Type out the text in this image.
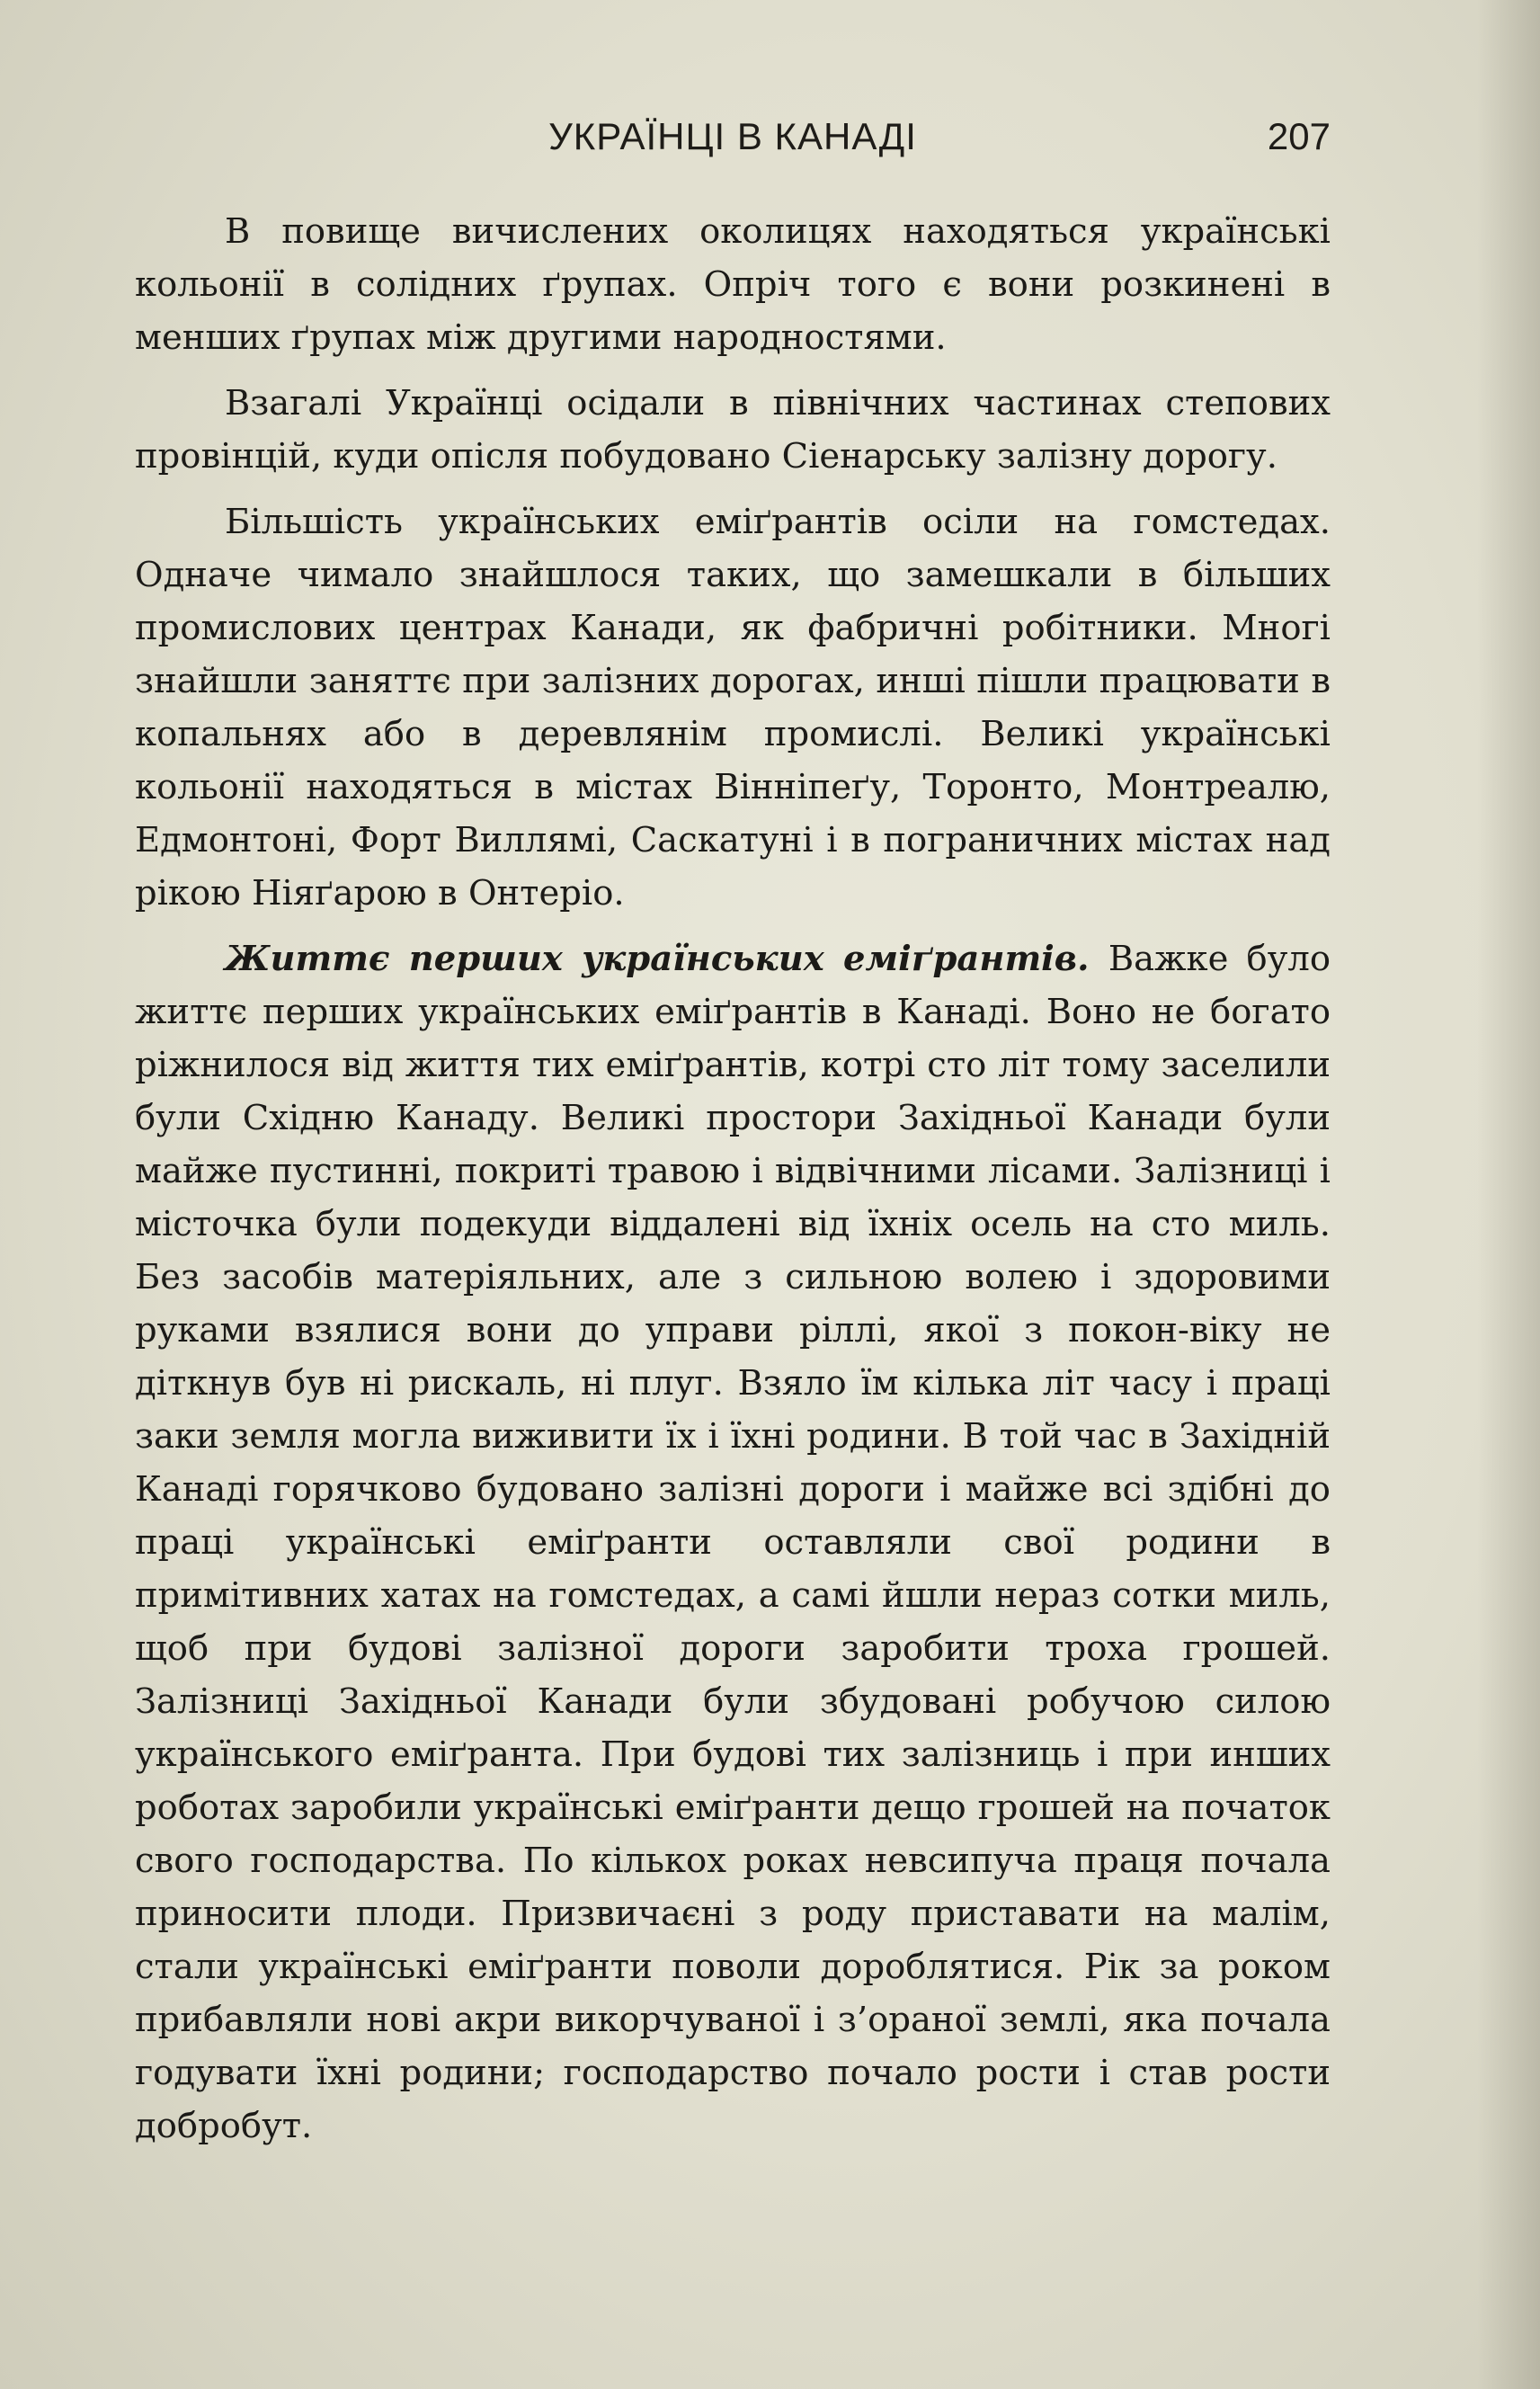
УКРАЇНЦІ В КАНАДІ	207

В повище вичислених околицях находяться українські кольонії в солідних ґрупах. Опріч того є вони розкинені в менших ґрупах між другими народностями.

Взагалі Українці осідали в північних частинах степових провінцій, куди опісля побудовано Сіенарську залізну дорогу.

Більшість українських еміґрантів осіли на гомстедах. Одначе чимало знайшлося таких, що замешкали в більших промислових центрах Канади, як фабричні робітники. Многі знайшли заняттє при залізних дорогах, инші пішли працювати в копальнях або в деревлянім промислі. Великі українські кольонії находяться в містах Вінніпеґу, Торонто, Монтреалю, Едмонтоні, Форт Виллямі, Саскатуні і в пограничних містах над рікою Ніяґарою в Онтеріо.

Життє перших українських еміґрантів. Важке було життє перших українських еміґрантів в Канаді. Воно не богато ріжнилося від життя тих еміґрантів, котрі сто літ тому заселили були Східню Канаду. Великі простори Західньої Канади були майже пустинні, покриті травою і відвічними лісами. Залізниці і місточка були подекуди віддалені від їхніх осель на сто миль. Без засобів матеріяльних, але з сильною волею і здоровими руками взялися вони до управи ріллі, якої з покон-віку не діткнув був ні рискаль, ні плуг. Взяло їм кілька літ часу і праці заки земля могла виживити їх і їхні родини. В той час в Західній Канаді горячково будовано залізні дороги і майже всі здібні до праці українські еміґранти оставляли свої родини в примітивних хатах на гомстедах, а самі йшли нераз сотки миль, щоб при будові залізної дороги заробити троха грошей. Залізниці Західньої Канади були збудовані робучою силою українського еміґранта. При будові тих залізниць і при инших роботах заробили українські еміґранти дещо грошей на початок свого господарства. По кількох роках невсипуча праця почала приносити плоди. Призвичаєні з роду приставати на малім, стали українські еміґранти поволи дороблятися. Рік за роком прибавляли нові акри викорчуваної і з’ораної землі, яка почала годувати їхні родини; господарство почало рости і став рости добробут.
